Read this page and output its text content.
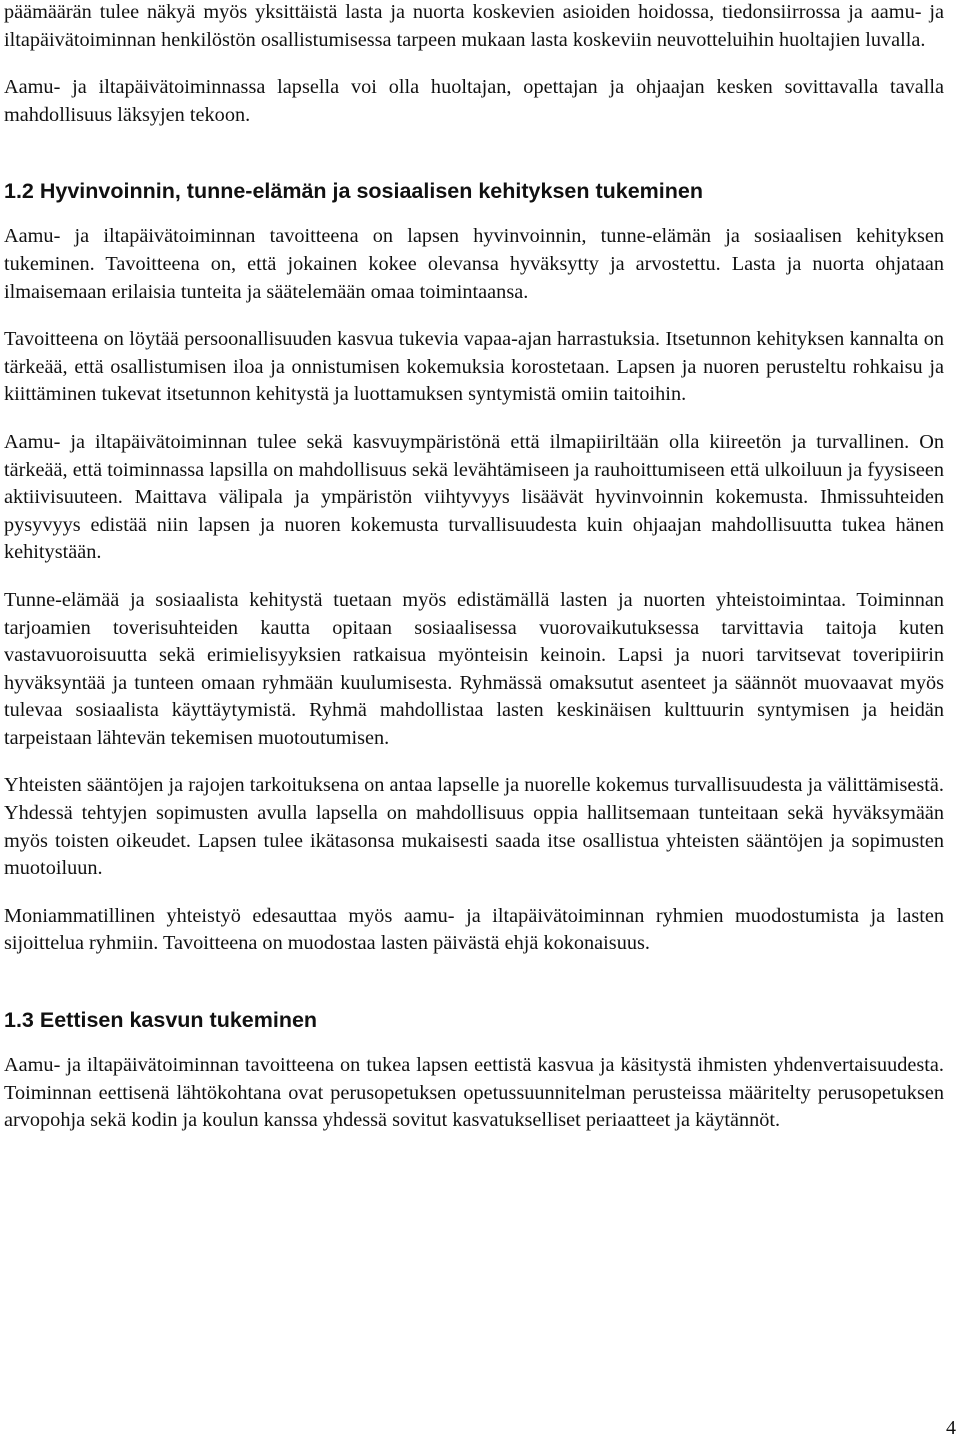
päämäärän tulee näkyä myös yksittäistä lasta ja nuorta koskevien asioiden hoidossa, tiedonsiirrossa ja aamu- ja iltapäivätoiminnan henkilöstön osallistumisessa tarpeen mukaan lasta koskeviin neuvotteluihin huoltajien luvalla.

Aamu- ja iltapäivätoiminnassa lapsella voi olla huoltajan, opettajan ja ohjaajan kesken sovittavalla tavalla mahdollisuus läksyjen tekoon.

1.2 Hyvinvoinnin, tunne-elämän ja sosiaalisen kehityksen tukeminen

Aamu- ja iltapäivätoiminnan tavoitteena on lapsen hyvinvoinnin, tunne-elämän ja sosiaalisen kehityksen tukeminen. Tavoitteena on, että jokainen kokee olevansa hyväksytty ja arvostettu. Lasta ja nuorta ohjataan ilmaisemaan erilaisia tunteita ja säätelemään omaa toimintaansa.

Tavoitteena on löytää persoonallisuuden kasvua tukevia vapaa-ajan harrastuksia. Itsetunnon kehityksen kannalta on tärkeää, että osallistumisen iloa ja onnistumisen kokemuksia korostetaan. Lapsen ja nuoren perusteltu rohkaisu ja kiittäminen tukevat itsetunnon kehitystä ja luottamuksen syntymistä omiin taitoihin.

Aamu- ja iltapäivätoiminnan tulee sekä kasvuympäristönä että ilmapiiriltään olla kiireetön ja turvallinen. On tärkeää, että toiminnassa lapsilla on mahdollisuus sekä levähtämiseen ja rauhoittumiseen että ulkoiluun ja fyysiseen aktiivisuuteen. Maittava välipala ja ympäristön viihtyvyys lisäävät hyvinvoinnin kokemusta. Ihmissuhteiden pysyvyys edistää niin lapsen ja nuoren kokemusta turvallisuudesta kuin ohjaajan mahdollisuutta tukea hänen kehitystään.

Tunne-elämää ja sosiaalista kehitystä tuetaan myös edistämällä lasten ja nuorten yhteistoimintaa. Toiminnan tarjoamien toverisuhteiden kautta opitaan sosiaalisessa vuorovaikutuksessa tarvittavia taitoja kuten vastavuoroisuutta sekä erimielisyyksien ratkaisua myönteisin keinoin. Lapsi ja nuori tarvitsevat toveripiirin hyväksyntää ja tunteen omaan ryhmään kuulumisesta. Ryhmässä omaksutut asenteet ja säännöt muovaavat myös tulevaa sosiaalista käyttäytymistä. Ryhmä mahdollistaa lasten keskinäisen kulttuurin syntymisen ja heidän tarpeistaan lähtevän tekemisen muotoutumisen.

Yhteisten sääntöjen ja rajojen tarkoituksena on antaa lapselle ja nuorelle kokemus turvallisuudesta ja välittämisestä. Yhdessä tehtyjen sopimusten avulla lapsella on mahdollisuus oppia hallitsemaan tunteitaan sekä hyväksymään myös toisten oikeudet. Lapsen tulee ikätasonsa mukaisesti saada itse osallistua yhteisten sääntöjen ja sopimusten muotoiluun.

Moniammatillinen yhteistyö edesauttaa myös aamu- ja iltapäivätoiminnan ryhmien muodostumista ja lasten sijoittelua ryhmiin. Tavoitteena on muodostaa lasten päivästä ehjä kokonaisuus.

1.3 Eettisen kasvun tukeminen

Aamu- ja iltapäivätoiminnan tavoitteena on tukea lapsen eettistä kasvua ja käsitystä ihmisten yhdenvertaisuudesta. Toiminnan eettisenä lähtökohtana ovat perusopetuksen opetussuunnitelman perusteissa määritelty perusopetuksen arvopohja sekä kodin ja koulun kanssa yhdessä sovitut kasvatukselliset periaatteet ja käytännöt.

4
